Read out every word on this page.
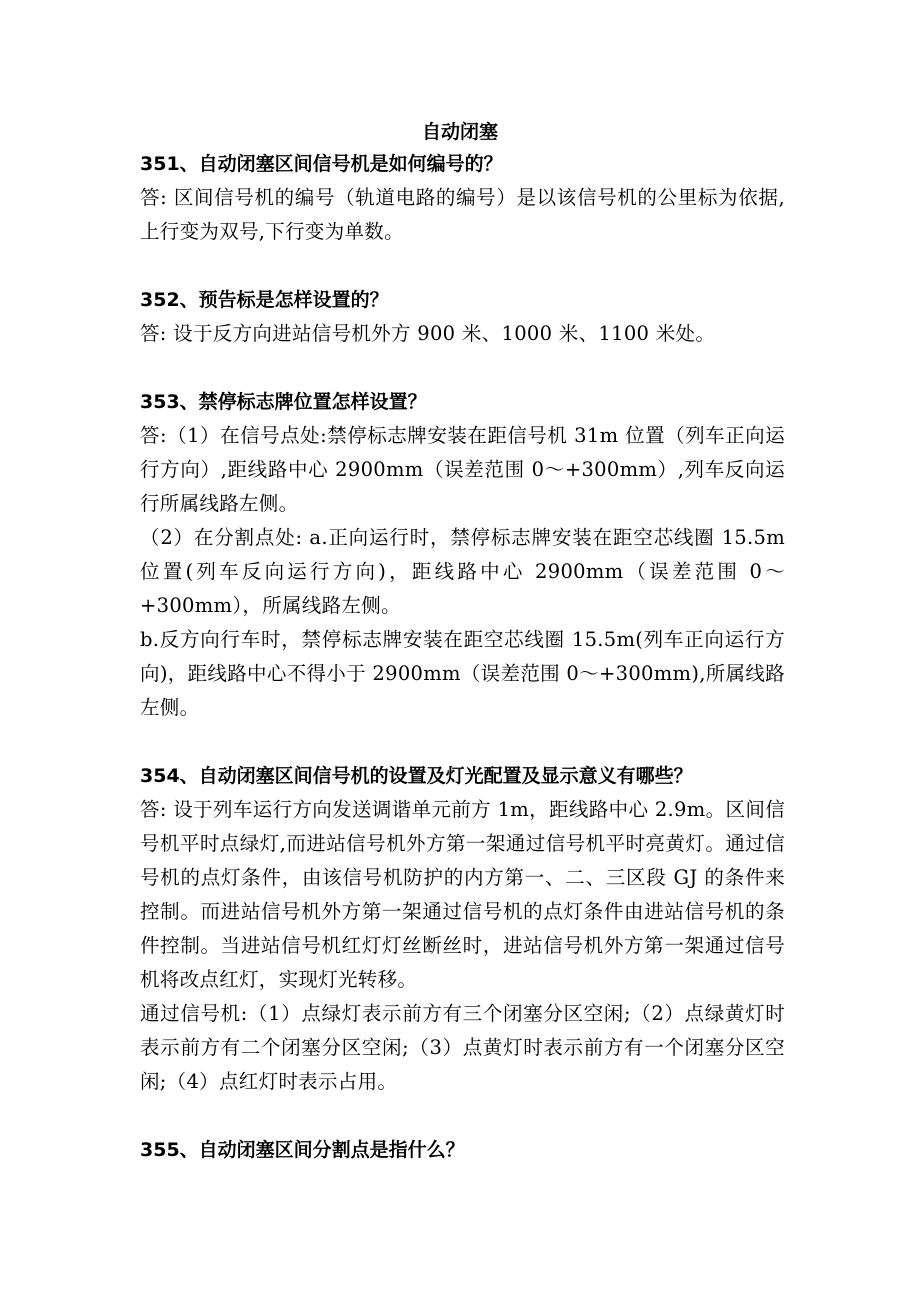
自动闭塞
351、自动闭塞区间信号机是如何编号的？

答: 区间信号机的编号（轨道电路的编号）是以该信号机的公里标为依据,上行变为双号,下行变为单数。

352、预告标是怎样设置的？

答: 设于反方向进站信号机外方 900 米、1000 米、1100 米处。

353、禁停标志牌位置怎样设置？

答:（1）在信号点处:禁停标志牌安装在距信号机 31m 位置（列车正向运行方向）,距线路中心 2900mm（误差范围 0～+300mm）,列车反向运行所属线路左侧。

（2）在分割点处: a.正向运行时，禁停标志牌安装在距空芯线圈 15.5m 位置(列车反向运行方向)，距线路中心 2900mm（误差范围 0～+300mm），所属线路左侧。

b.反方向行车时，禁停标志牌安装在距空芯线圈 15.5m(列车正向运行方向)，距线路中心不得小于 2900mm（误差范围 0～+300mm),所属线路左侧。

354、自动闭塞区间信号机的设置及灯光配置及显示意义有哪些？

答: 设于列车运行方向发送调谐单元前方 1m，距线路中心 2.9m。区间信号机平时点绿灯,而进站信号机外方第一架通过信号机平时亮黄灯。通过信号机的点灯条件，由该信号机防护的内方第一、二、三区段 GJ 的条件来控制。而进站信号机外方第一架通过信号机的点灯条件由进站信号机的条件控制。当进站信号机红灯灯丝断丝时，进站信号机外方第一架通过信号机将改点红灯，实现灯光转移。

通过信号机:（1）点绿灯表示前方有三个闭塞分区空闲;（2）点绿黄灯时表示前方有二个闭塞分区空闲;（3）点黄灯时表示前方有一个闭塞分区空闲;（4）点红灯时表示占用。

355、自动闭塞区间分割点是指什么？
